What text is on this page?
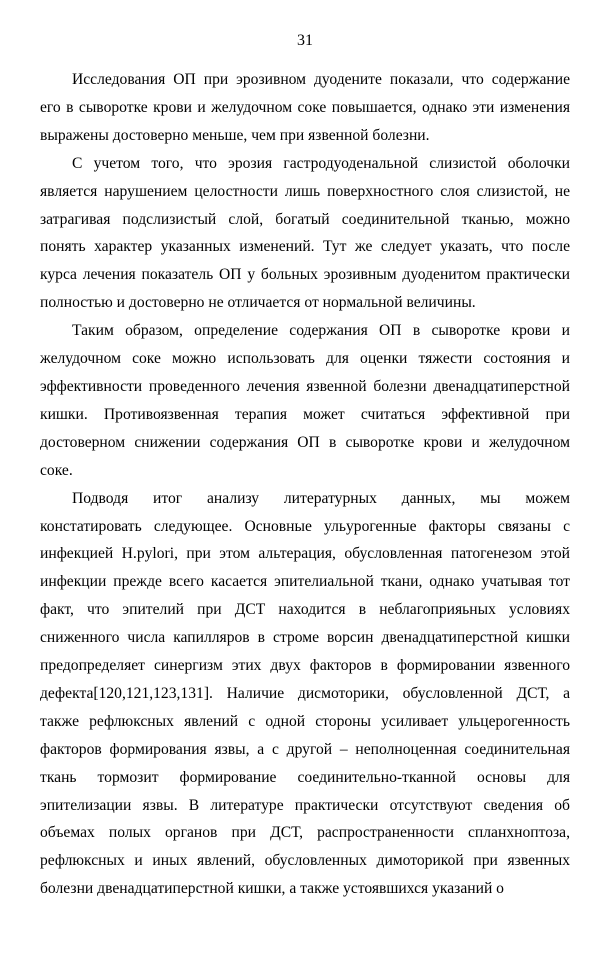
31

Исследования ОП при эрозивном дуодените показали, что содержание
его в сыворотке крови и желудочном соке повышается, однако эти изменения
выражены достоверно меньше, чем при язвенной болезни.

С учетом того, что эрозия гастродуоденальной слизистой оболочки
является нарушением целостности лишь поверхностного слоя слизистой, не
затрагивая подслизистый слой, богатый соединительной тканью, можно
понять характер указанных изменений. Тут же следует указать, что после
курса лечения показатель ОП у больных эрозивным дуоденитом практически
полностью и достоверно не отличается от нормальной величины.

Таким образом, определение содержания ОП в сыворотке крови и
желудочном соке можно использовать для оценки тяжести состояния и
эффективности проведенного лечения язвенной болезни двенадцатиперстной
кишки. Противоязвенная терапия может считаться эффективной при
достоверном снижении содержания ОП в сыворотке крови и желудочном
соке.

Подводя итог анализу литературных данных, мы можем
констатировать следующее. Основные ульурогенные факторы связаны с
инфекцией H.pylori, при этом альтерация, обусловленная патогенезом этой
инфекции прежде всего касается эпителиальной ткани, однако учатывая тот
факт, что эпителий при ДСТ находится в неблагоприяьных условиях
сниженного числа капилляров в строме ворсин двенадцатиперстной кишки
предопределяет синергизм этих двух факторов в формировании язвенного
дефекта[120,121,123,131]. Наличие дисмоторики, обусловленной ДСТ, а
также рефлюксных явлений с одной стороны усиливает ульцерогенность
факторов формирования язвы, а с другой – неполноценная соединительная
ткань тормозит формирование соединительно-тканной основы для
эпителизации язвы. В литературе практически отсутствуют сведения об
объемах полых органов при ДСТ, распространенности спланхноптоза,
рефлюксных и иных явлений, обусловленных димоторикой при язвенных
болезни двенадцатиперстной кишки, а также устоявшихся указаний о
